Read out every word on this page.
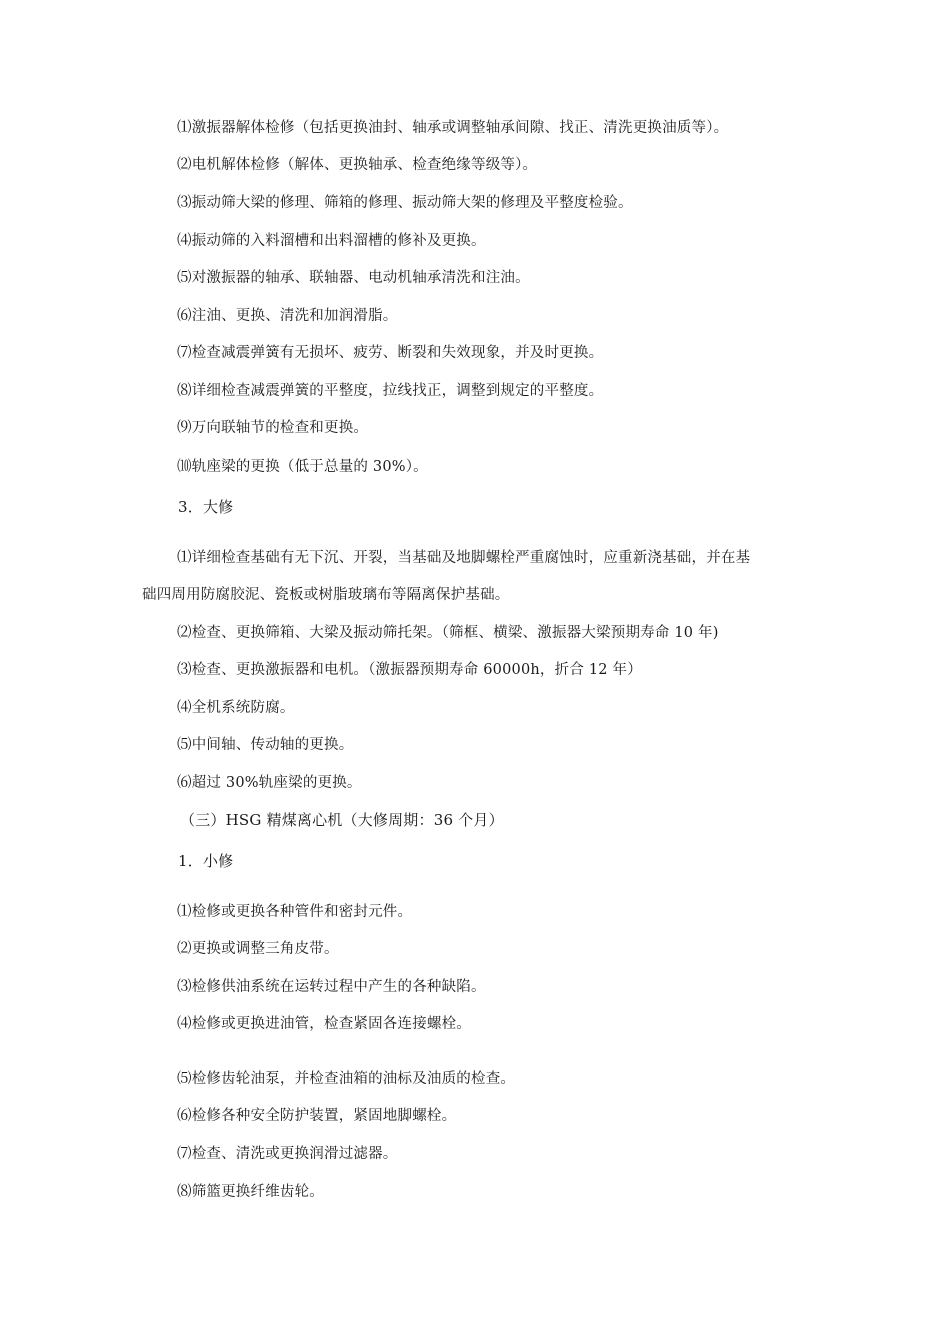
⑴激振器解体检修（包括更换油封、轴承或调整轴承间隙、找正、清洗更换油质等）。
⑵电机解体检修（解体、更换轴承、检查绝缘等级等）。
⑶振动筛大梁的修理、筛箱的修理、振动筛大架的修理及平整度检验。
⑷振动筛的入料溜槽和出料溜槽的修补及更换。
⑸对激振器的轴承、联轴器、电动机轴承清洗和注油。
⑹注油、更换、清洗和加润滑脂。
⑺检查减震弹簧有无损坏、疲劳、断裂和失效现象，并及时更换。
⑻详细检查减震弹簧的平整度，拉线找正，调整到规定的平整度。
⑼万向联轴节的检查和更换。
⑽轨座梁的更换（低于总量的 30%）。
3．大修
⑴详细检查基础有无下沉、开裂，当基础及地脚螺栓严重腐蚀时，应重新浇基础，并在基
础四周用防腐胶泥、瓷板或树脂玻璃布等隔离保护基础。
⑵检查、更换筛箱、大梁及振动筛托架。（筛框、横梁、激振器大梁预期寿命 10 年)
⑶检查、更换激振器和电机。（激振器预期寿命 60000h，折合 12 年）
⑷全机系统防腐。
⑸中间轴、传动轴的更换。
⑹超过 30%轨座梁的更换。
（三）HSG 精煤离心机（大修周期：36 个月）
1．小修
⑴检修或更换各种管件和密封元件。
⑵更换或调整三角皮带。
⑶检修供油系统在运转过程中产生的各种缺陷。
⑷检修或更换进油管，检查紧固各连接螺栓。
⑸检修齿轮油泵，并检查油箱的油标及油质的检查。
⑹检修各种安全防护装置，紧固地脚螺栓。
⑺检查、清洗或更换润滑过滤器。
⑻筛篮更换纤维齿轮。
